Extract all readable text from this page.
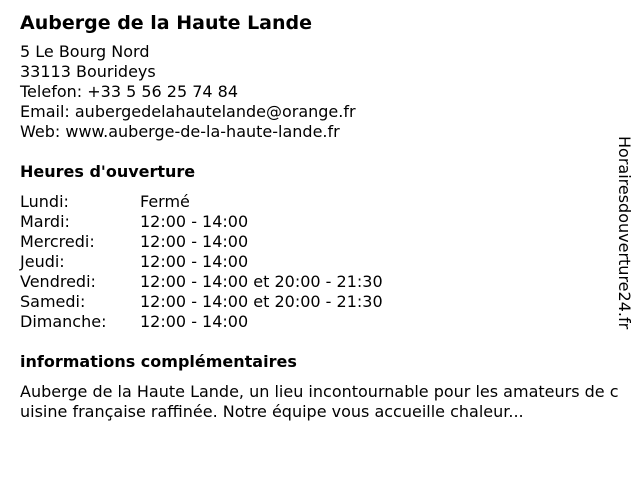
Auberge de la Haute Lande
5 Le Bourg Nord
33113 Bourideys
Telefon: +33 5 56 25 74 84
Email: aubergedelahautelande@orange.fr
Web: www.auberge-de-la-haute-lande.fr
Heures d'ouverture
Lundi:	Fermé
Mardi:	12:00 - 14:00
Mercredi:	12:00 - 14:00
Jeudi:	12:00 - 14:00
Vendredi:	12:00 - 14:00 et 20:00 - 21:30
Samedi:	12:00 - 14:00 et 20:00 - 21:30
Dimanche:	12:00 - 14:00
informations complémentaires
Auberge de la Haute Lande, un lieu incontournable pour les amateurs de cuisine française raffinée. Notre équipe vous accueille chaleur...
Horairesdouverture24.fr
